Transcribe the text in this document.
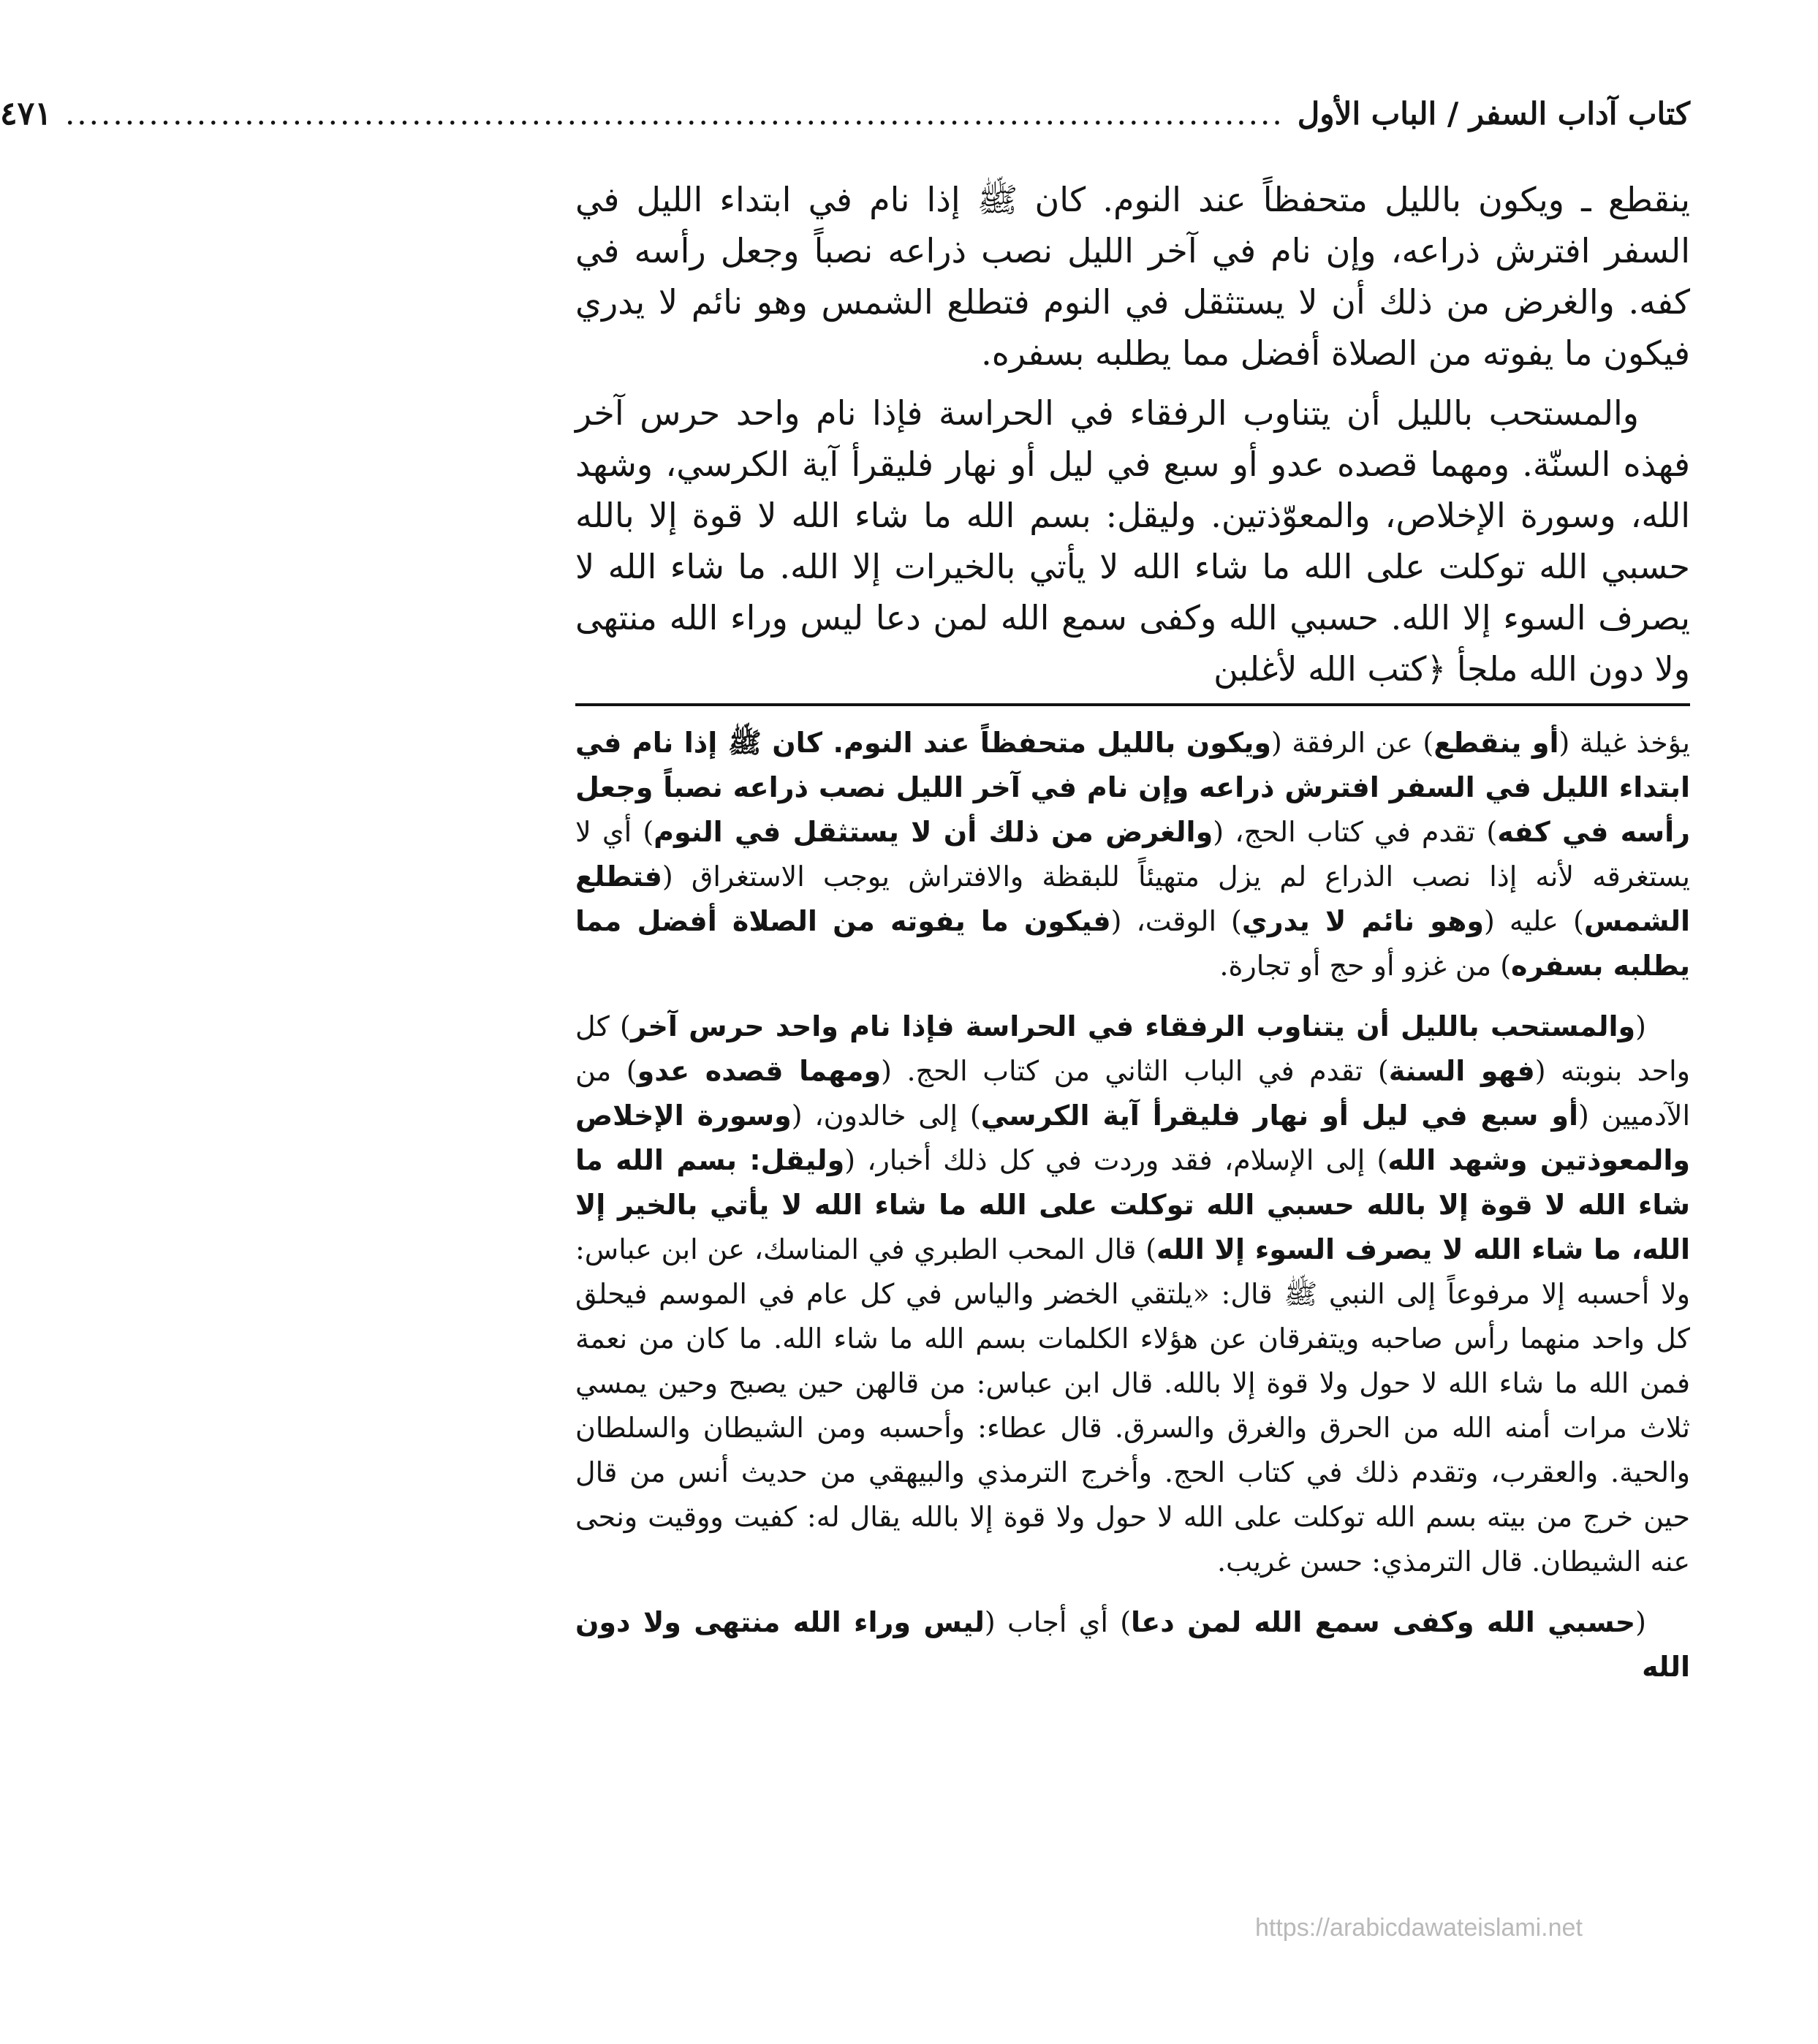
كتاب آداب السفر / الباب الأول
......................................................................................................
٤٧١

ينقطع ـ ويكون بالليل متحفظاً عند النوم. كان ﷺ إذا نام في ابتداء الليل في السفر افترش ذراعه، وإن نام في آخر الليل نصب ذراعه نصباً وجعل رأسه في كفه. والغرض من ذلك أن لا يستثقل في النوم فتطلع الشمس وهو نائم لا يدري فيكون ما يفوته من الصلاة أفضل مما يطلبه بسفره.

والمستحب بالليل أن يتناوب الرفقاء في الحراسة فإذا نام واحد حرس آخر فهذه السنّة. ومهما قصده عدو أو سبع في ليل أو نهار فليقرأ آية الكرسي، وشهد الله، وسورة الإخلاص، والمعوّذتين. وليقل: بسم الله ما شاء الله لا قوة إلا بالله حسبي الله توكلت على الله ما شاء الله لا يأتي بالخيرات إلا الله. ما شاء الله لا يصرف السوء إلا الله. حسبي الله وكفى سمع الله لمن دعا ليس وراء الله منتهى ولا دون الله ملجأ ﴿كتب الله لأغلبن

يؤخذ غيلة (أو ينقطع) عن الرفقة (ويكون بالليل متحفظاً عند النوم. كان ﷺ إذا نام في ابتداء الليل في السفر افترش ذراعه وإن نام في آخر الليل نصب ذراعه نصباً وجعل رأسه في كفه) تقدم في كتاب الحج، (والغرض من ذلك أن لا يستثقل في النوم) أي لا يستغرقه لأنه إذا نصب الذراع لم يزل متهيئاً للبقظة والافتراش يوجب الاستغراق (فتطلع الشمس) عليه (وهو نائم لا يدري) الوقت، (فيكون ما يفوته من الصلاة أفضل مما يطلبه بسفره) من غزو أو حج أو تجارة.

(والمستحب بالليل أن يتناوب الرفقاء في الحراسة فإذا نام واحد حرس آخر) كل واحد بنوبته (فهو السنة) تقدم في الباب الثاني من كتاب الحج. (ومهما قصده عدو) من الآدميين (أو سبع في ليل أو نهار فليقرأ آية الكرسي) إلى خالدون، (وسورة الإخلاص والمعوذتين وشهد الله) إلى الإسلام، فقد وردت في كل ذلك أخبار، (وليقل: بسم الله ما شاء الله لا قوة إلا بالله حسبي الله توكلت على الله ما شاء الله لا يأتي بالخير إلا الله، ما شاء الله لا يصرف السوء إلا الله) قال المحب الطبري في المناسك، عن ابن عباس: ولا أحسبه إلا مرفوعاً إلى النبي ﷺ قال: «يلتقي الخضر والياس في كل عام في الموسم فيحلق كل واحد منهما رأس صاحبه ويتفرقان عن هؤلاء الكلمات بسم الله ما شاء الله. ما كان من نعمة فمن الله ما شاء الله لا حول ولا قوة إلا بالله. قال ابن عباس: من قالهن حين يصبح وحين يمسي ثلاث مرات أمنه الله من الحرق والغرق والسرق. قال عطاء: وأحسبه ومن الشيطان والسلطان والحية. والعقرب، وتقدم ذلك في كتاب الحج. وأخرج الترمذي والبيهقي من حديث أنس من قال حين خرج من بيته بسم الله توكلت على الله لا حول ولا قوة إلا بالله يقال له: كفيت ووقيت ونحى عنه الشيطان. قال الترمذي: حسن غريب.

(حسبي الله وكفى سمع الله لمن دعا) أي أجاب (ليس وراء الله منتهى ولا دون الله

https://arabicdawateislami.net
